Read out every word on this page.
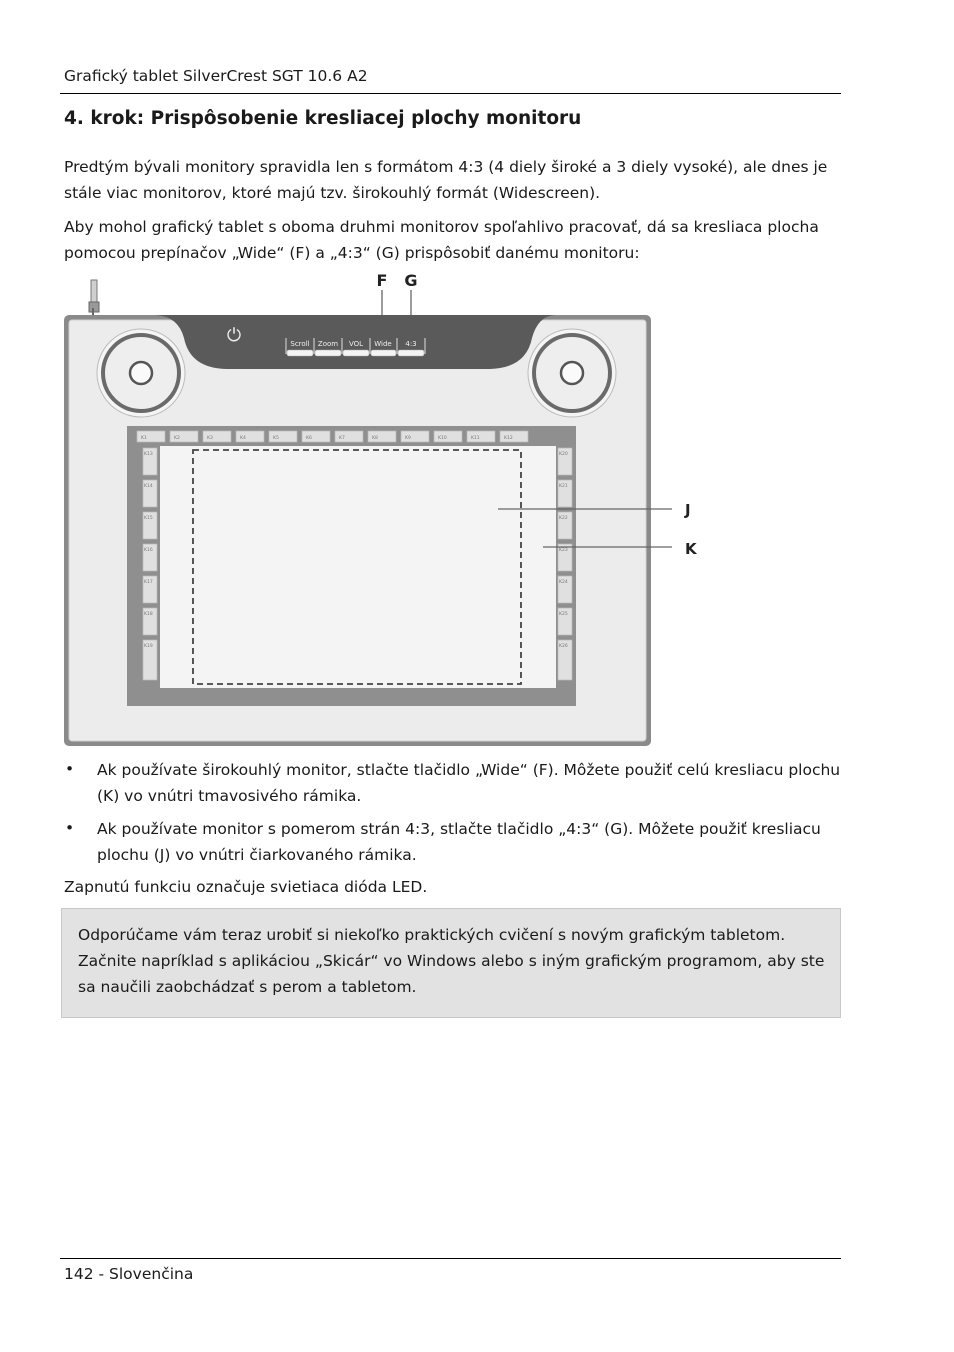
Grafický tablet SilverCrest SGT 10.6 A2
4. krok: Prispôsobenie kresliacej plochy monitoru
Predtým bývali monitory spravidla len s formátom 4:3 (4 diely široké a 3 diely vysoké), ale dnes je stále viac monitorov, ktoré majú tzv. širokouhlý formát (Widescreen).
Aby mohol grafický tablet s oboma druhmi monitorov spoľahlivo pracovať, dá sa kresliaca plocha pomocou prepínačov „Wide“ (F) a „4:3“ (G) prispôsobiť danému monitoru:
F G
⏻	Scroll Zoom VOL Wide 4:3
K1	K2	K3	K4	K5	K6	K7	K8	K9	K10	K11	K12
K13
K14
K15
K16
K17
K18
K19
K20
K21
K22
K23
K24
K25
K26
J
K
• Ak používate širokouhlý monitor, stlačte tlačidlo „Wide“ (F). Môžete použiť celú kresliacu plochu (K) vo vnútri tmavosivého rámika.
• Ak používate monitor s pomerom strán 4:3, stlačte tlačidlo „4:3“ (G). Môžete použiť kresliacu plochu (J) vo vnútri čiarkovaného rámika.
Zapnutú funkciu označuje svietiaca dióda LED.
Odporúčame vám teraz urobiť si niekoľko praktických cvičení s novým grafickým tabletom. Začnite napríklad s aplikáciou „Skicár“ vo Windows alebo s iným grafickým programom, aby ste sa naučili zaobchádzať s perom a tabletom.
142 - Slovenčina
